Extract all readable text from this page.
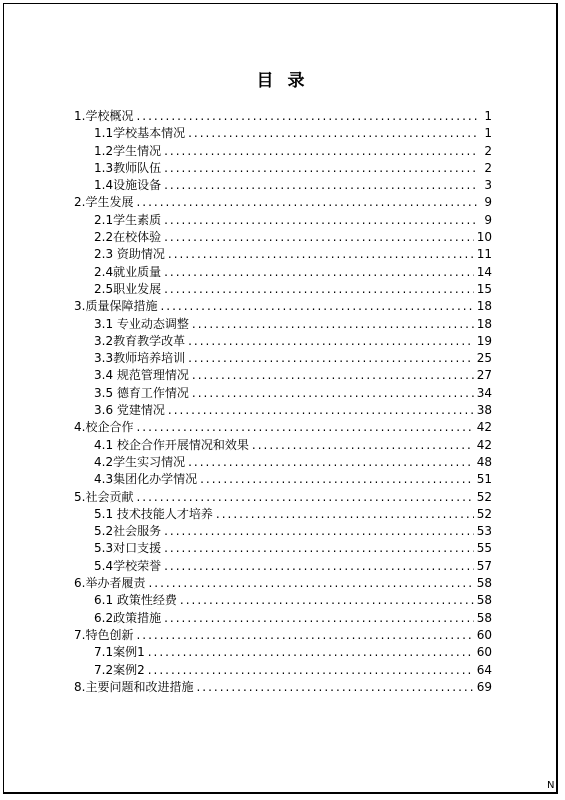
目 录
1.学校概况 .....	1
1.1学校基本情况 .....	1
1.2学生情况 .....	2
1.3教师队伍 .....	2
1.4设施设备 .....	3
2.学生发展 .....	9
2.1学生素质 .....	9
2.2在校体验 .....	10
2.3 资助情况 .....	11
2.4就业质量 .....	14
2.5职业发展 .....	15
3.质量保障措施 .....	18
3.1 专业动态调整 .....	18
3.2教育教学改革 .....	19
3.3教师培养培训 .....	25
3.4 规范管理情况 .....	27
3.5 德育工作情况 .....	34
3.6 党建情况 .....	38
4.校企合作 .....	42
4.1 校企合作开展情况和效果 .....	42
4.2学生实习情况 .....	48
4.3集团化办学情况 .....	51
5.社会贡献 .....	52
5.1 技术技能人才培养 .....	52
5.2社会服务 .....	53
5.3对口支援 .....	55
5.4学校荣誉 .....	57
6.举办者履责 .....	58
6.1 政策性经费 .....	58
6.2政策措施 .....	58
7.特色创新 .....	60
7.1案例1 .....	60
7.2案例2 .....	64
8.主要问题和改进措施 .....	69
N
